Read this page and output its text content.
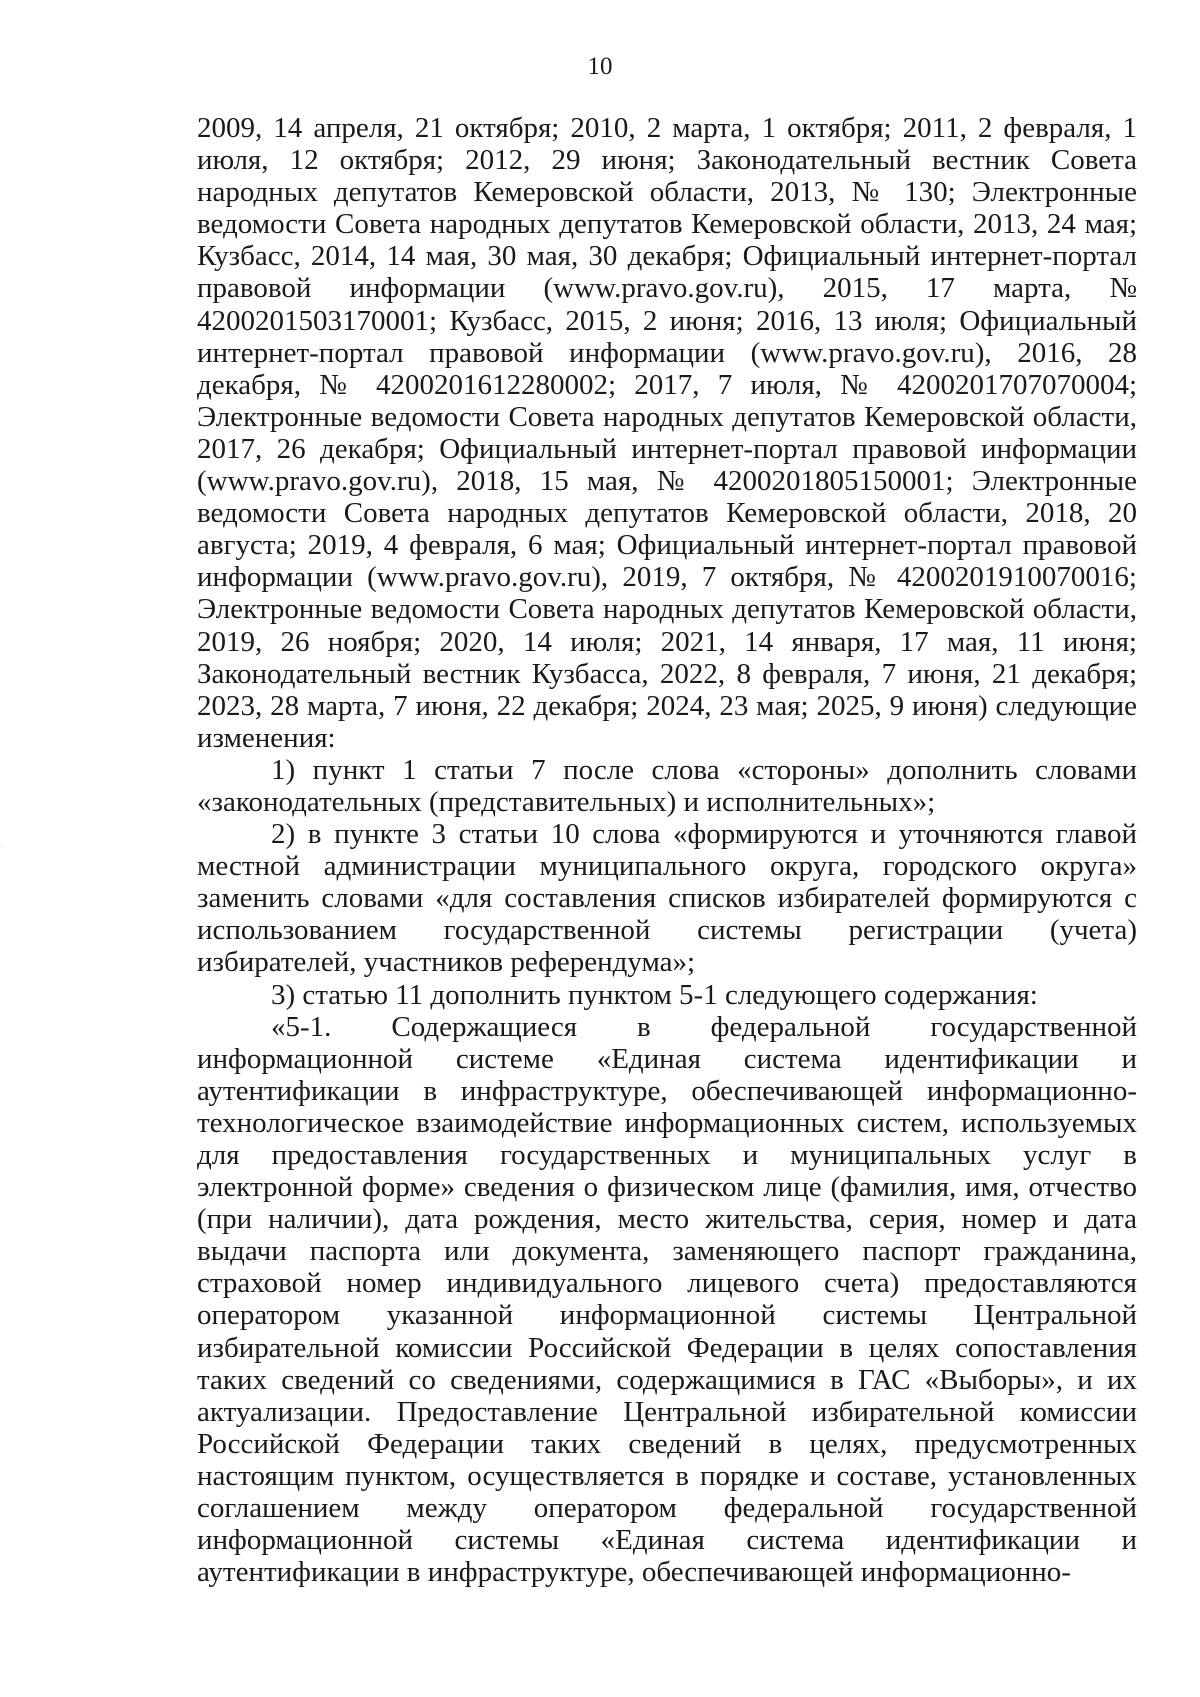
10

2009, 14 апреля, 21 октября; 2010, 2 марта, 1 октября; 2011, 2 февраля, 1 июля, 12 октября; 2012, 29 июня; Законодательный вестник Совета народных депутатов Кемеровской области, 2013, № 130; Электронные ведомости Совета народных депутатов Кемеровской области, 2013, 24 мая; Кузбасс, 2014, 14 мая, 30 мая, 30 декабря; Официальный интернет-портал правовой информации (www.pravo.gov.ru), 2015, 17 марта, № 4200201503170001; Кузбасс, 2015, 2 июня; 2016, 13 июля; Официальный интернет-портал правовой информации (www.pravo.gov.ru), 2016, 28 декабря, № 4200201612280002; 2017, 7 июля, № 4200201707070004; Электронные ведомости Совета народных депутатов Кемеровской области, 2017, 26 декабря; Официальный интернет-портал правовой информации (www.pravo.gov.ru), 2018, 15 мая, № 4200201805150001; Электронные ведомости Совета народных депутатов Кемеровской области, 2018, 20 августа; 2019, 4 февраля, 6 мая; Официальный интернет-портал правовой информации (www.pravo.gov.ru), 2019, 7 октября, № 4200201910070016; Электронные ведомости Совета народных депутатов Кемеровской области, 2019, 26 ноября; 2020, 14 июля; 2021, 14 января, 17 мая, 11 июня; Законодательный вестник Кузбасса, 2022, 8 февраля, 7 июня, 21 декабря; 2023, 28 марта, 7 июня, 22 декабря; 2024, 23 мая; 2025, 9 июня) следующие изменения:

1) пункт 1 статьи 7 после слова «стороны» дополнить словами «законодательных (представительных) и исполнительных»;

2) в пункте 3 статьи 10 слова «формируются и уточняются главой местной администрации муниципального округа, городского округа» заменить словами «для составления списков избирателей формируются с использованием государственной системы регистрации (учета) избирателей, участников референдума»;

3) статью 11 дополнить пунктом 5-1 следующего содержания:

«5-1. Содержащиеся в федеральной государственной информационной системе «Единая система идентификации и аутентификации в инфраструктуре, обеспечивающей информационно-технологическое взаимодействие информационных систем, используемых для предоставления государственных и муниципальных услуг в электронной форме» сведения о физическом лице (фамилия, имя, отчество (при наличии), дата рождения, место жительства, серия, номер и дата выдачи паспорта или документа, заменяющего паспорт гражданина, страховой номер индивидуального лицевого счета) предоставляются оператором указанной информационной системы Центральной избирательной комиссии Российской Федерации в целях сопоставления таких сведений со сведениями, содержащимися в ГАС «Выборы», и их актуализации. Предоставление Центральной избирательной комиссии Российской Федерации таких сведений в целях, предусмотренных настоящим пунктом, осуществляется в порядке и составе, установленных соглашением между оператором федеральной государственной информационной системы «Единая система идентификации и аутентификации в инфраструктуре, обеспечивающей информационно-
